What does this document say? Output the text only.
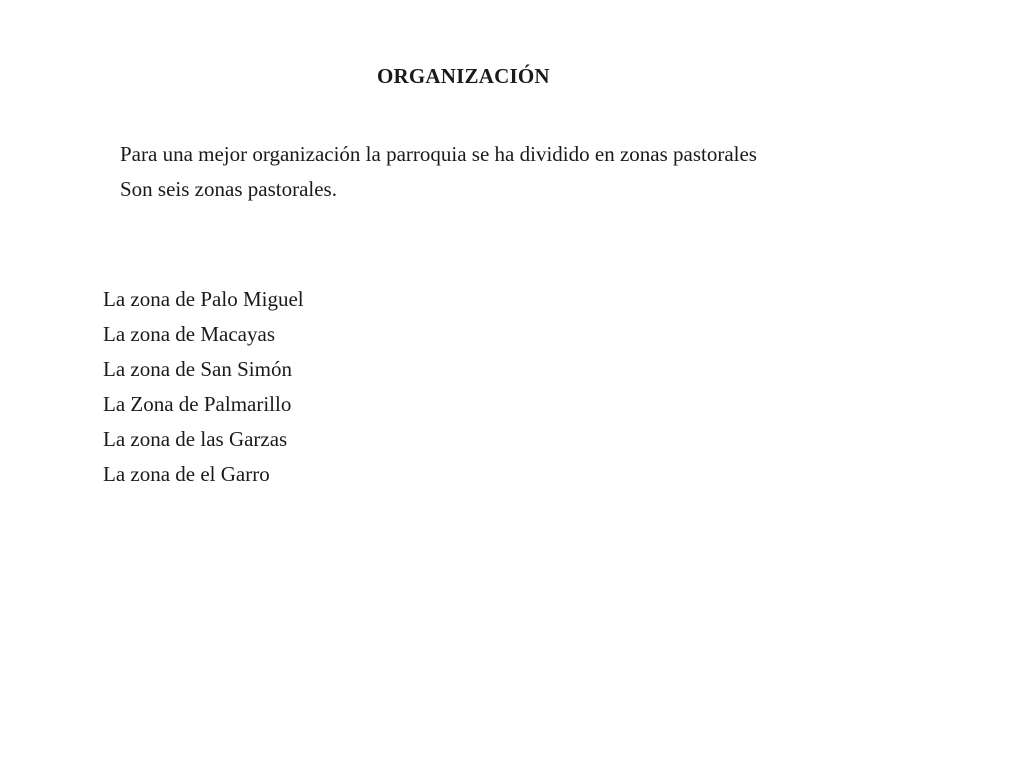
ORGANIZACIÓN

Para una mejor organización la parroquia se ha dividido en zonas pastorales

Son seis zonas pastorales.

La zona de Palo Miguel
La zona de Macayas
La zona de San Simón
La Zona de Palmarillo
La zona de las Garzas
La zona de el Garro
